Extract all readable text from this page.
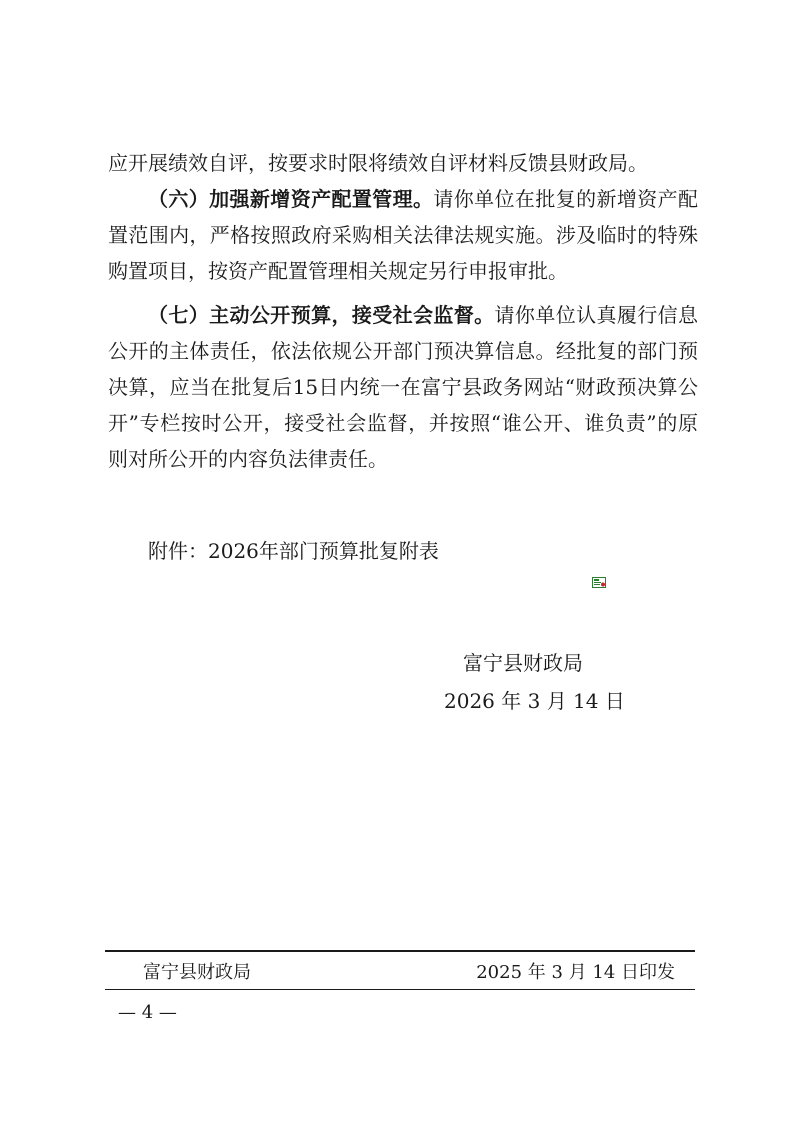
应开展绩效自评，按要求时限将绩效自评材料反馈县财政局。

（六）加强新增资产配置管理。请你单位在批复的新增资产配置范围内，严格按照政府采购相关法律法规实施。涉及临时的特殊购置项目，按资产配置管理相关规定另行申报审批。

（七）主动公开预算，接受社会监督。请你单位认真履行信息公开的主体责任，依法依规公开部门预决算信息。经批复的部门预决算，应当在批复后15日内统一在富宁县政务网站“财政预决算公开”专栏按时公开，接受社会监督，并按照“谁公开、谁负责”的原则对所公开的内容负法律责任。

附件：2026年部门预算批复附表

富宁县财政局

2026 年 3 月 14 日

富宁县财政局	2025 年 3 月 14 日印发

— 4 —
